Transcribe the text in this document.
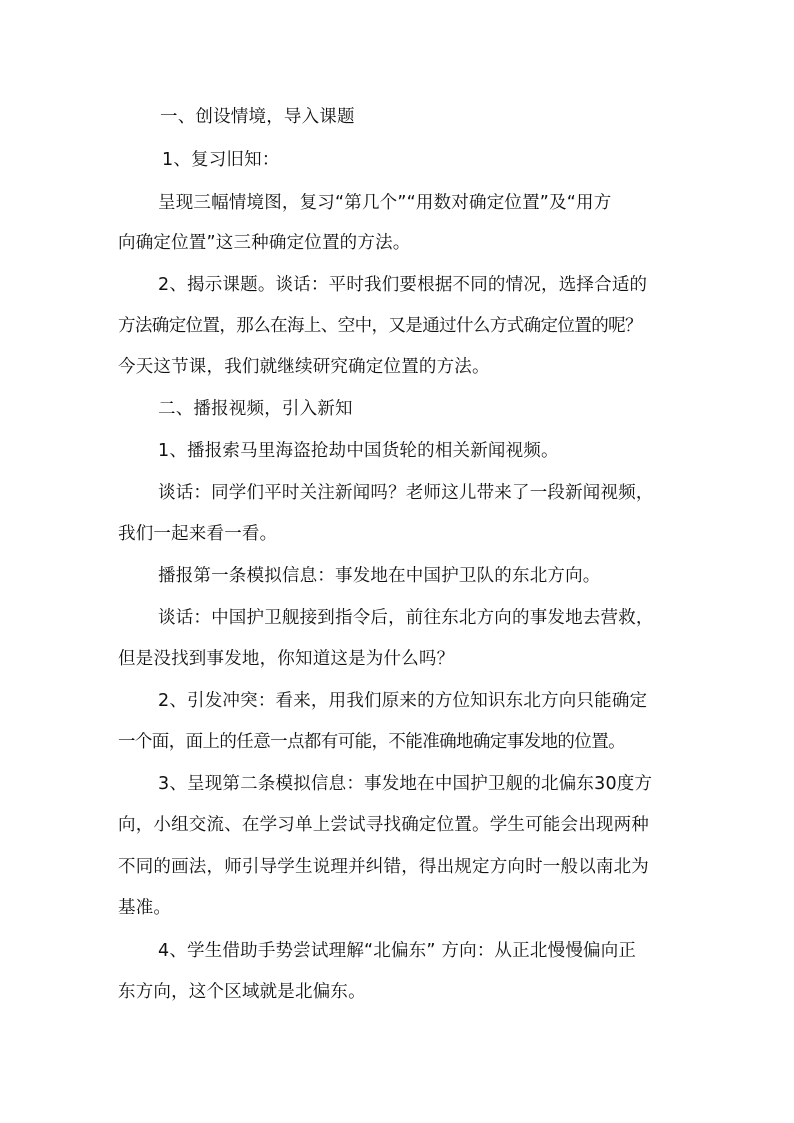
一、创设情境，导入课题
1、复习旧知：
呈现三幅情境图，复习“第几个”“用数对确定位置”及“用方
向确定位置”这三种确定位置的方法。
2、揭示课题。谈话：平时我们要根据不同的情况，选择合适的
方法确定位置，那么在海上、空中，又是通过什么方式确定位置的呢？
今天这节课，我们就继续研究确定位置的方法。
二、播报视频，引入新知
1、播报索马里海盗抢劫中国货轮的相关新闻视频。
谈话：同学们平时关注新闻吗？老师这儿带来了一段新闻视频，
我们一起来看一看。
播报第一条模拟信息：事发地在中国护卫队的东北方向。
谈话：中国护卫舰接到指令后，前往东北方向的事发地去营救，
但是没找到事发地，你知道这是为什么吗？
2、引发冲突：看来，用我们原来的方位知识东北方向只能确定
一个面，面上的任意一点都有可能，不能准确地确定事发地的位置。
3、呈现第二条模拟信息：事发地在中国护卫舰的北偏东30度方
向，小组交流、在学习单上尝试寻找确定位置。学生可能会出现两种
不同的画法，师引导学生说理并纠错，得出规定方向时一般以南北为
基准。
4、学生借助手势尝试理解“北偏东” 方向：从正北慢慢偏向正
东方向，这个区域就是北偏东。
